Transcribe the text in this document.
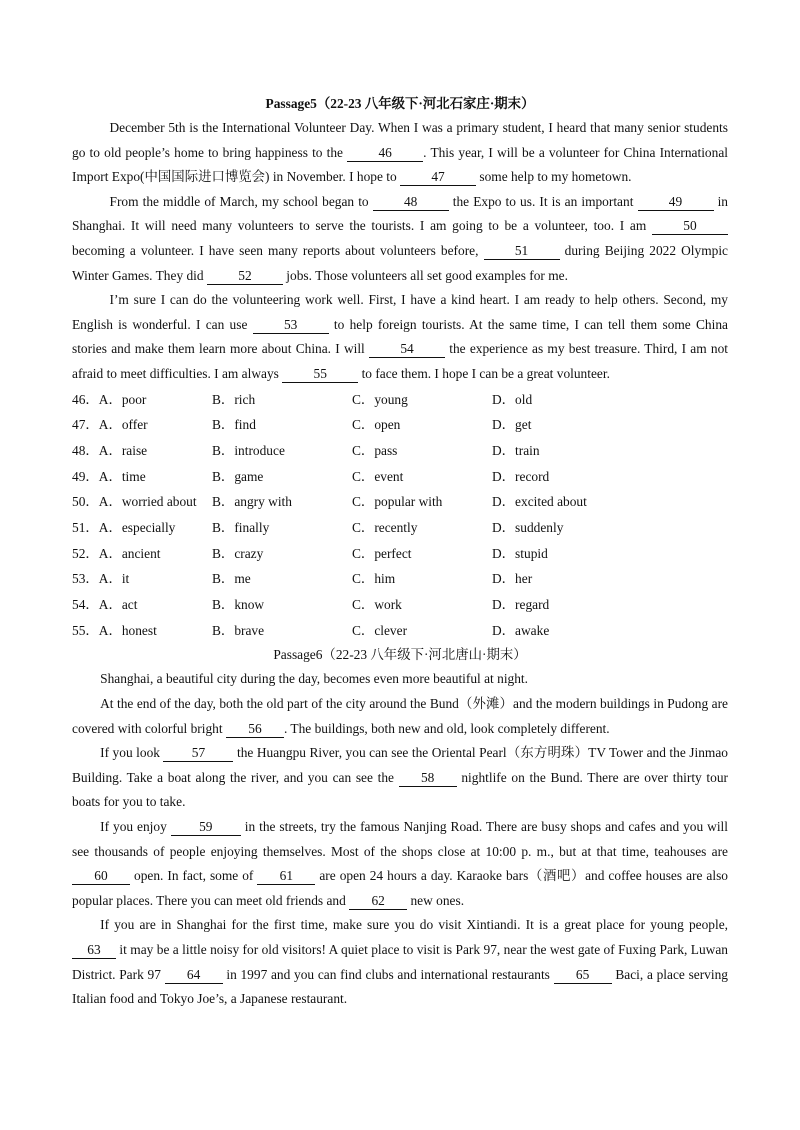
Passage5（22-23 八年级下·河北石家庄·期末）

December 5th is the International Volunteer Day. When I was a primary student, I heard that many senior students go to old people’s home to bring happiness to the 46 . This year, I will be a volunteer for China International Import Expo(中国国际进口博览会) in November. I hope to 47 some help to my hometown.

From the middle of March, my school began to 48 the Expo to us. It is an important 49 in Shanghai. It will need many volunteers to serve the tourists. I am going to be a volunteer, too. I am 50 becoming a volunteer. I have seen many reports about volunteers before, 51 during Beijing 2022 Olympic Winter Games. They did 52 jobs. Those volunteers all set good examples for me.

I’m sure I can do the volunteering work well. First, I have a kind heart. I am ready to help others. Second, my English is wonderful. I can use 53 to help foreign tourists. At the same time, I can tell them some China stories and make them learn more about China. I will 54 the experience as my best treasure. Third, I am not afraid to meet difficulties. I am always 55 to face them. I hope I can be a great volunteer.

46．A．poor	B．rich	C．young	D．old
47．A．offer	B．find	C．open	D．get
48．A．raise	B．introduce	C．pass	D．train
49．A．time	B．game	C．event	D．record
50．A．worried about	B．angry with	C．popular with	D．excited about
51．A．especially	B．finally	C．recently	D．suddenly
52．A．ancient	B．crazy	C．perfect	D．stupid
53．A．it	B．me	C．him	D．her
54．A．act	B．know	C．work	D．regard
55．A．honest	B．brave	C．clever	D．awake

Passage6（22-23 八年级下·河北唐山·期末）

Shanghai, a beautiful city during the day, becomes even more beautiful at night.

At the end of the day, both the old part of the city around the Bund（外滩）and the modern buildings in Pudong are covered with colorful bright 56 . The buildings, both new and old, look completely different.

If you look 57 the Huangpu River, you can see the Oriental Pearl（东方明珠）TV Tower and the Jinmao Building. Take a boat along the river, and you can see the 58 nightlife on the Bund. There are over thirty tour boats for you to take.

If you enjoy 59 in the streets, try the famous Nanjing Road. There are busy shops and cafes and you will see thousands of people enjoying themselves. Most of the shops close at 10:00 p. m., but at that time, teahouses are 60 open. In fact, some of 61 are open 24 hours a day. Karaoke bars（酒吧）and coffee houses are also popular places. There you can meet old friends and 62 new ones.

If you are in Shanghai for the first time, make sure you do visit Xintiandi. It is a great place for young people, 63 it may be a little noisy for old visitors! A quiet place to visit is Park 97, near the west gate of Fuxing Park, Luwan District. Park 97 64 in 1997 and you can find clubs and international restaurants 65 Baci, a place serving Italian food and Tokyo Joe’s, a Japanese restaurant.
